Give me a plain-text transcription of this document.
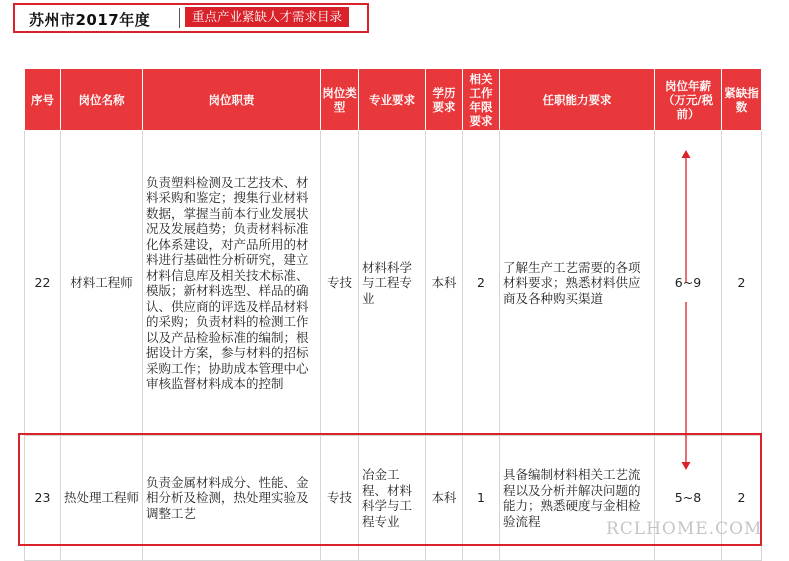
苏州市2017年度	重点产业紧缺人才需求目录
序号	岗位名称	岗位职责	岗位类型	专业要求	学历要求	相关工作年限要求	任职能力要求	岗位年薪（万元/税前）	紧缺指数
22	材料工程师	负责塑料检测及工艺技术、材料采购和鉴定；搜集行业材料数据，掌握当前本行业发展状况及发展趋势；负责材料标准化体系建设，对产品所用的材料进行基础性分析研究，建立材料信息库及相关技术标准、模版；新材料选型、样品的确认、供应商的评选及样品材料的采购；负责材料的检测工作以及产品检验标准的编制；根据设计方案，参与材料的招标采购工作；协助成本管理中心审核监督材料成本的控制	专技	材料科学与工程专业	本科	2	了解生产工艺需要的各项材料要求；熟悉材料供应商及各种购买渠道	6~9	2
23	热处理工程师	负责金属材料成分、性能、金相分析及检测，热处理实验及调整工艺	专技	冶金工程、材料科学与工程专业	本科	1	具备编制材料相关工艺流程以及分析并解决问题的能力；熟悉硬度与金相检验流程	5~8	2
RCLHOME.COM
